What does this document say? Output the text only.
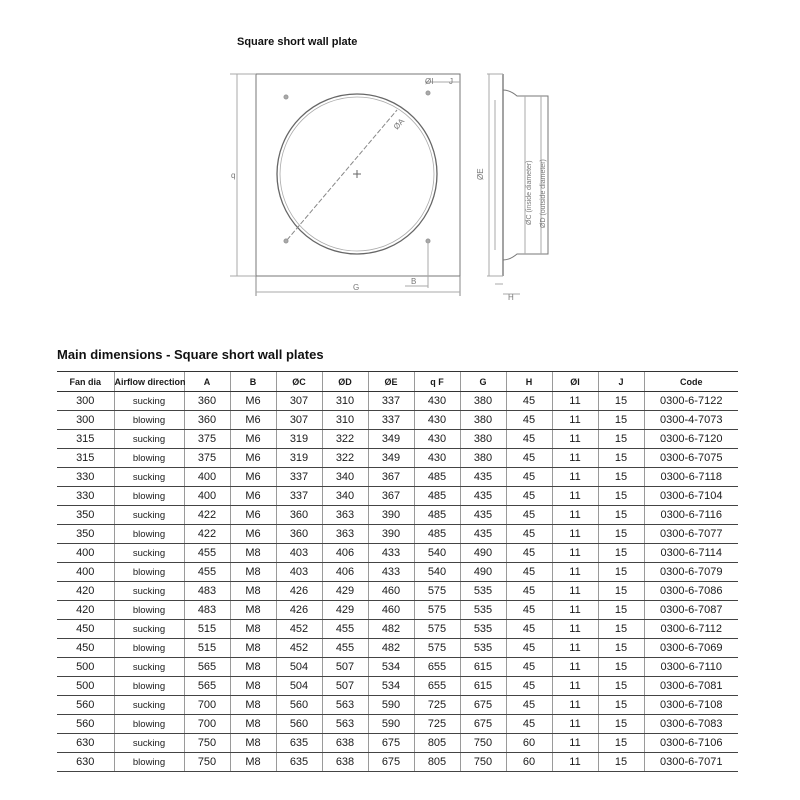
Square short wall plate
ØA
ØI J
q
G
B
ØE
H
ØC (inside diameter) ØD (outside diameter)
Main dimensions - Square short wall plates
Fan dia	Airflow direction	A	B	ØC	ØD	ØE	q F	G	H	ØI	J	Code
300	sucking	360	M6	307	310	337	430	380	45	11	15	0300-6-7122
300	blowing	360	M6	307	310	337	430	380	45	11	15	0300-4-7073
315	sucking	375	M6	319	322	349	430	380	45	11	15	0300-6-7120
315	blowing	375	M6	319	322	349	430	380	45	11	15	0300-6-7075
330	sucking	400	M6	337	340	367	485	435	45	11	15	0300-6-7118
330	blowing	400	M6	337	340	367	485	435	45	11	15	0300-6-7104
350	sucking	422	M6	360	363	390	485	435	45	11	15	0300-6-7116
350	blowing	422	M6	360	363	390	485	435	45	11	15	0300-6-7077
400	sucking	455	M8	403	406	433	540	490	45	11	15	0300-6-7114
400	blowing	455	M8	403	406	433	540	490	45	11	15	0300-6-7079
420	sucking	483	M8	426	429	460	575	535	45	11	15	0300-6-7086
420	blowing	483	M8	426	429	460	575	535	45	11	15	0300-6-7087
450	sucking	515	M8	452	455	482	575	535	45	11	15	0300-6-7112
450	blowing	515	M8	452	455	482	575	535	45	11	15	0300-6-7069
500	sucking	565	M8	504	507	534	655	615	45	11	15	0300-6-7110
500	blowing	565	M8	504	507	534	655	615	45	11	15	0300-6-7081
560	sucking	700	M8	560	563	590	725	675	45	11	15	0300-6-7108
560	blowing	700	M8	560	563	590	725	675	45	11	15	0300-6-7083
630	sucking	750	M8	635	638	675	805	750	60	11	15	0300-6-7106
630	blowing	750	M8	635	638	675	805	750	60	11	15	0300-6-7071
